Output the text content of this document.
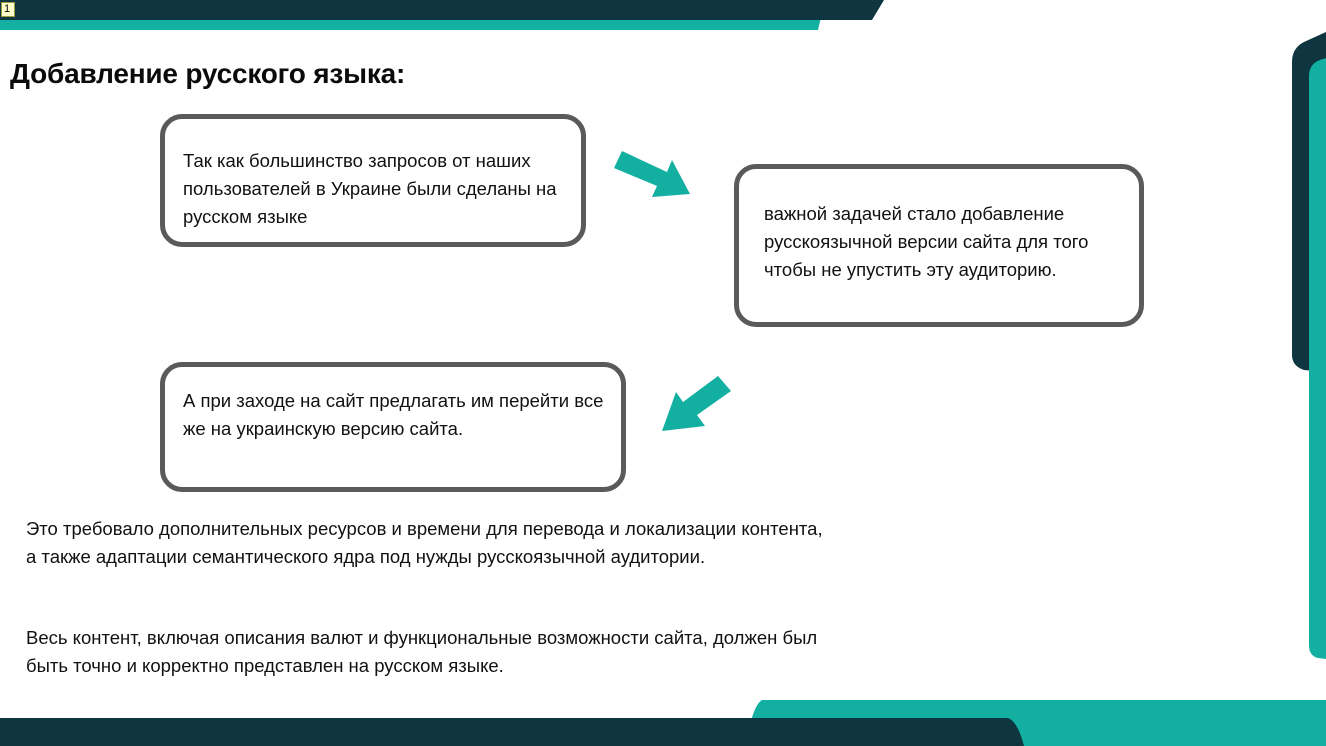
1
Добавление русского языка:

Так как большинство запросов от наших пользователей в Украине были сделаны на русском языке	важной задачей стало добавление русскоязычной версии сайта для того чтобы не упустить эту аудиторию.

А при заходе на сайт предлагать им перейти все же на украинскую версию сайта.

Это требовало дополнительных ресурсов и времени для перевода и локализации контента, а также адаптации семантического ядра под нужды русскоязычной аудитории.

Весь контент, включая описания валют и функциональные возможности сайта, должен был быть точно и корректно представлен на русском языке.
